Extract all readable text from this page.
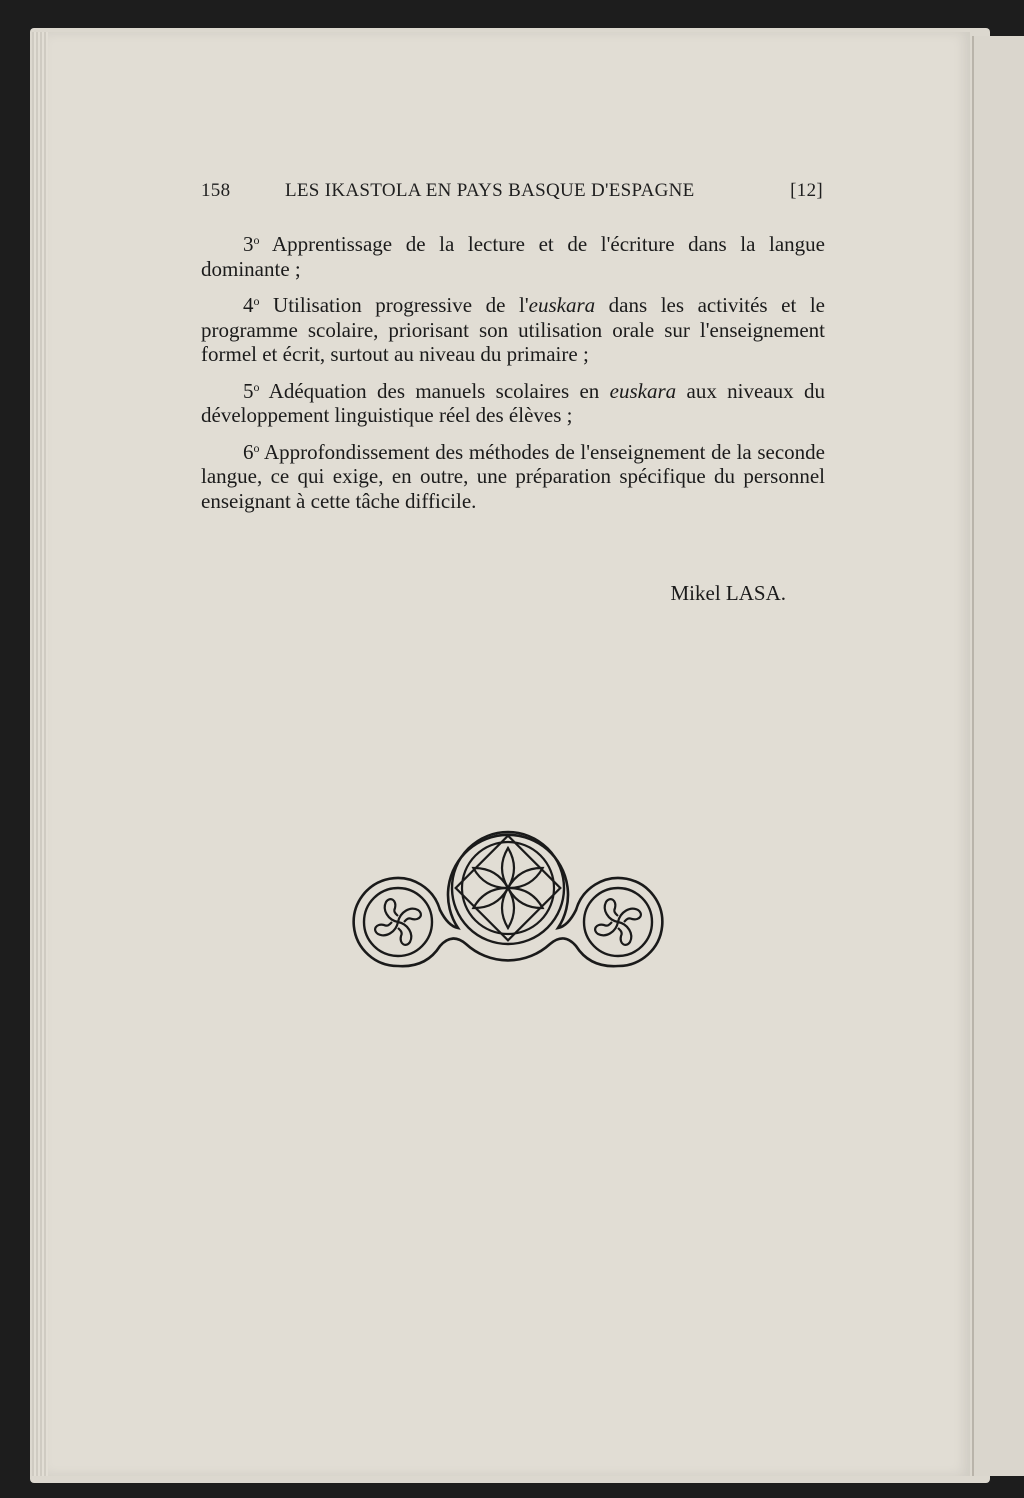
158	LES IKASTOLA EN PAYS BASQUE D'ESPAGNE	[12]

3$^o$ Apprentissage de la lecture et de l'écriture dans la langue dominante ;

4$^o$ Utilisation progressive de l'euskara dans les activités et le programme scolaire, priorisant son utilisation orale sur l'enseignement formel et écrit, surtout au niveau du primaire ;

5$^o$ Adéquation des manuels scolaires en euskara aux niveaux du développement linguistique réel des élèves ;

6$^o$ Approfondissement des méthodes de l'enseignement de la seconde langue, ce qui exige, en outre, une préparation spécifique du personnel enseignant à cette tâche difficile.

Mikel LASA.
